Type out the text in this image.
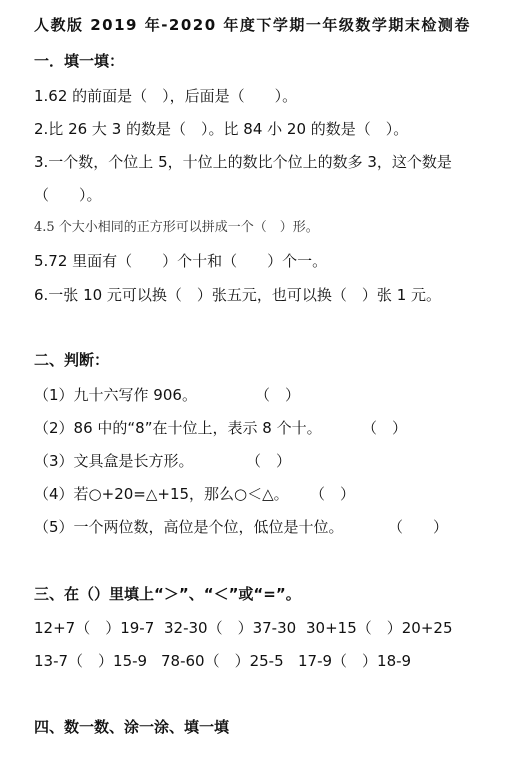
人教版 2019 年-2020 年度下学期一年级数学期末检测卷
一．填一填：
1.62 的前面是（　），后面是（　　）。
2.比 26 大 3 的数是（　）。比 84 小 20 的数是（　）。
3.一个数，个位上 5，十位上的数比个位上的数多 3，这个数是
（　　）。
4.5 个大小相同的正方形可以拼成一个（　）形。
5.72 里面有（　　）个十和（　　）个一。
6.一张 10 元可以换（　）张五元，也可以换（　）张 1 元。
二、判断：
（1）九十六写作 906。	（　）
（2）86 中的“8”在十位上，表示 8 个十。	（　）
（3）文具盒是长方形。	（　）
（4）若○+20=△+15，那么○＜△。 （　）
（5）一个两位数，高位是个位，低位是十位。	（　　）
三、在（）里填上“＞”、“＜”或“=”。
12+7（　）19-7 32-30（　）37-30 30+15（　）20+25
13-7（　）15-9 78-60（　）25-5 17-9（　）18-9
四、数一数、涂一涂、填一填
